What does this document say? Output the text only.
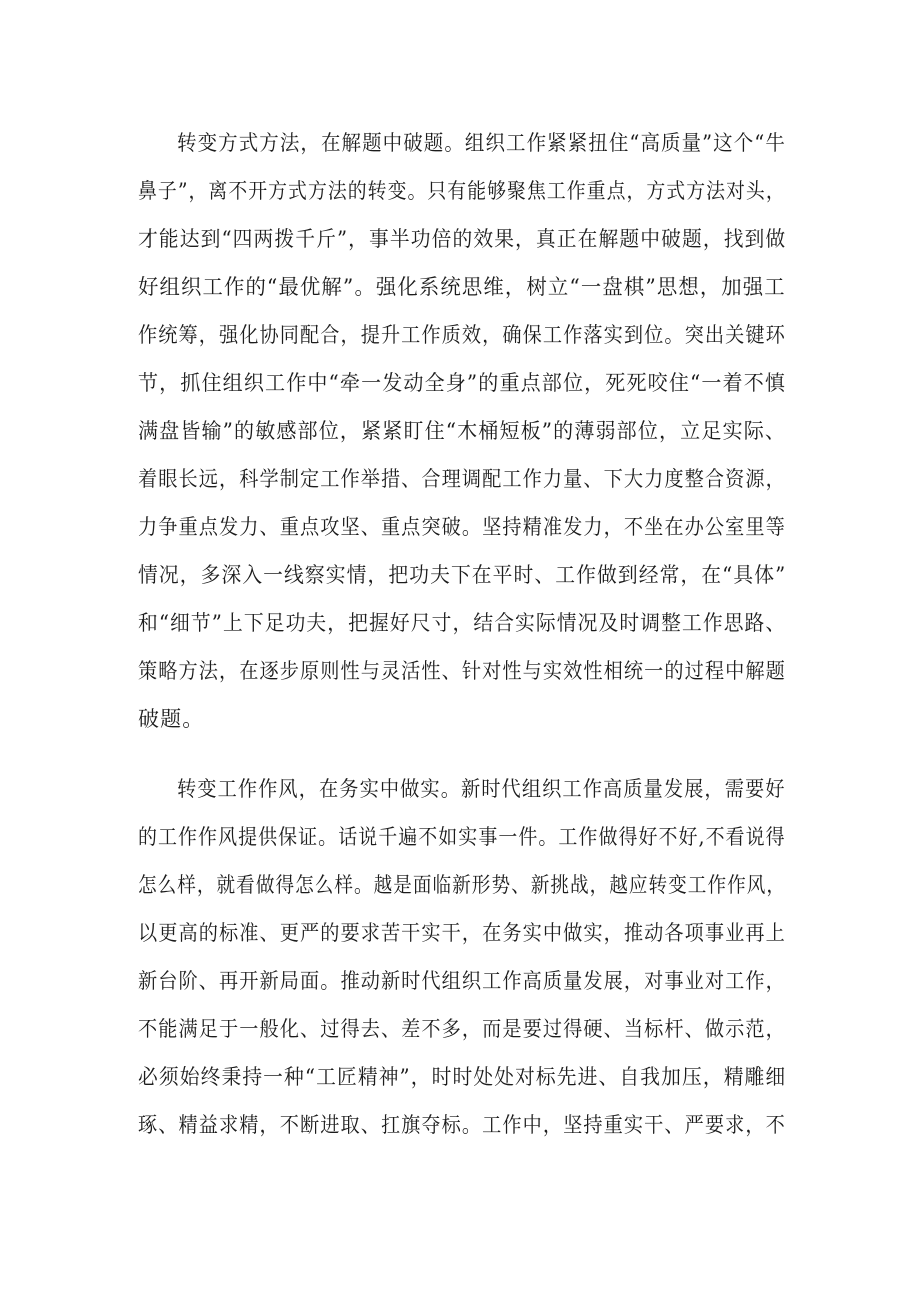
转变方式方法，在解题中破题。组织工作紧紧扭住“高质量”这个“牛
鼻子”，离不开方式方法的转变。只有能够聚焦工作重点，方式方法对头，
才能达到“四两拨千斤”，事半功倍的效果，真正在解题中破题，找到做
好组织工作的“最优解”。强化系统思维，树立“一盘棋”思想，加强工
作统筹，强化协同配合，提升工作质效，确保工作落实到位。突出关键环
节，抓住组织工作中“牵一发动全身”的重点部位，死死咬住“一着不慎
满盘皆输”的敏感部位，紧紧盯住“木桶短板”的薄弱部位，立足实际、
着眼长远，科学制定工作举措、合理调配工作力量、下大力度整合资源，
力争重点发力、重点攻坚、重点突破。坚持精准发力，不坐在办公室里等
情况，多深入一线察实情，把功夫下在平时、工作做到经常，在“具体”
和“细节”上下足功夫，把握好尺寸，结合实际情况及时调整工作思路、
策略方法，在逐步原则性与灵活性、针对性与实效性相统一的过程中解题
破题。
转变工作作风，在务实中做实。新时代组织工作高质量发展，需要好
的工作作风提供保证。话说千遍不如实事一件。工作做得好不好,不看说得
怎么样，就看做得怎么样。越是面临新形势、新挑战，越应转变工作作风，
以更高的标准、更严的要求苦干实干，在务实中做实，推动各项事业再上
新台阶、再开新局面。推动新时代组织工作高质量发展，对事业对工作，
不能满足于一般化、过得去、差不多，而是要过得硬、当标杆、做示范，
必须始终秉持一种“工匠精神”，时时处处对标先进、自我加压，精雕细
琢、精益求精，不断进取、扛旗夺标。工作中，坚持重实干、严要求，不
